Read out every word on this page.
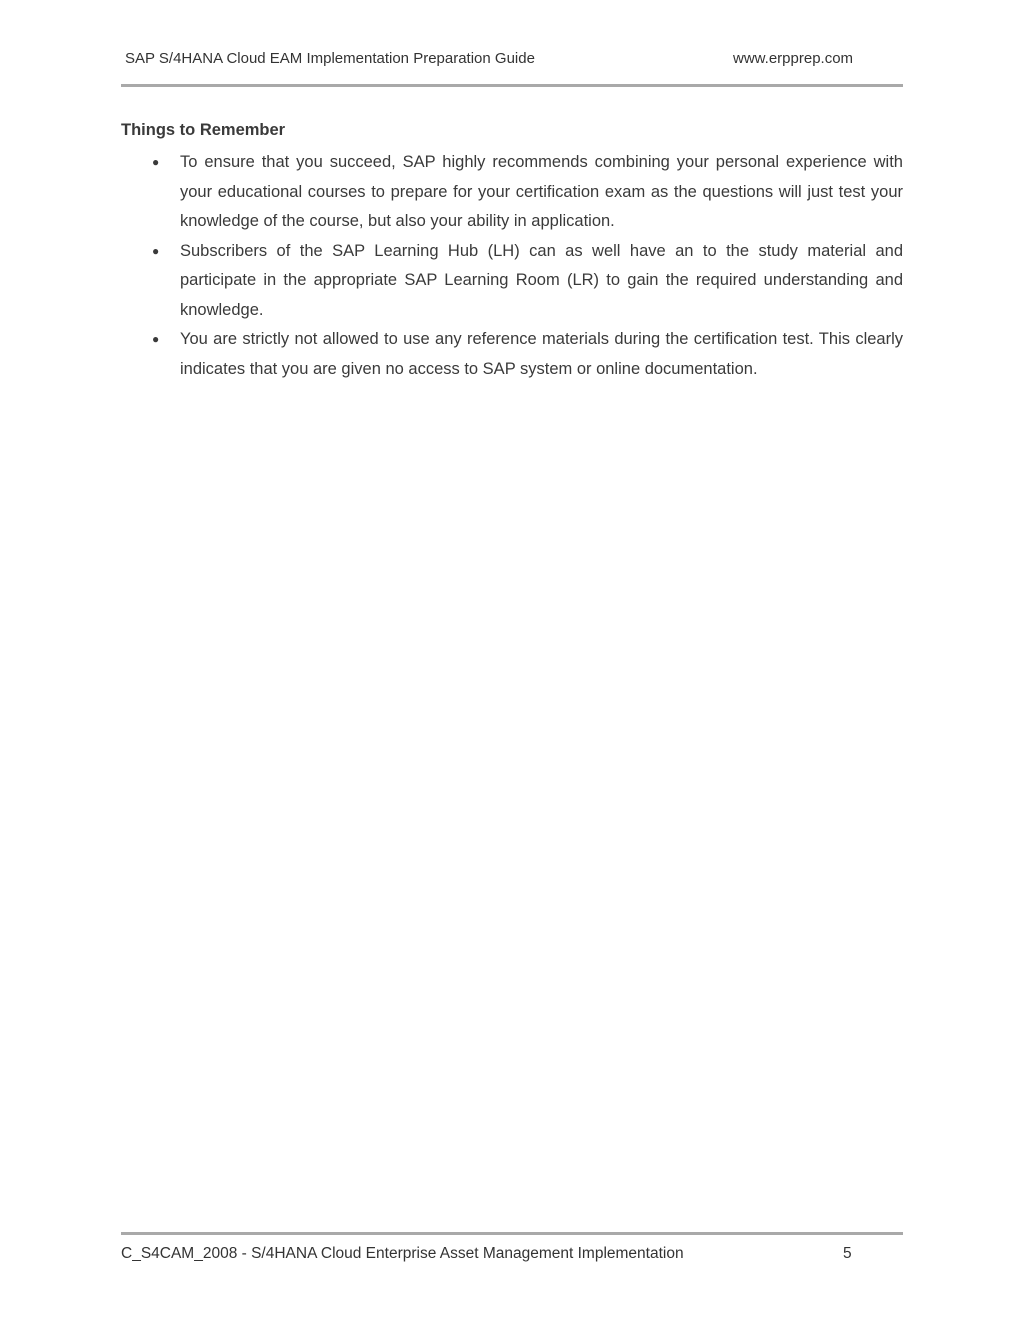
SAP S/4HANA Cloud EAM Implementation Preparation Guide	www.erpprep.com
Things to Remember
● To ensure that you succeed, SAP highly recommends combining your personal experience with your educational courses to prepare for your certification exam as the questions will just test your knowledge of the course, but also your ability in application.
● Subscribers of the SAP Learning Hub (LH) can as well have an to the study material and participate in the appropriate SAP Learning Room (LR) to gain the required understanding and knowledge.
● You are strictly not allowed to use any reference materials during the certification test. This clearly indicates that you are given no access to SAP system or online documentation.
C_S4CAM_2008 - S/4HANA Cloud Enterprise Asset Management Implementation	5
